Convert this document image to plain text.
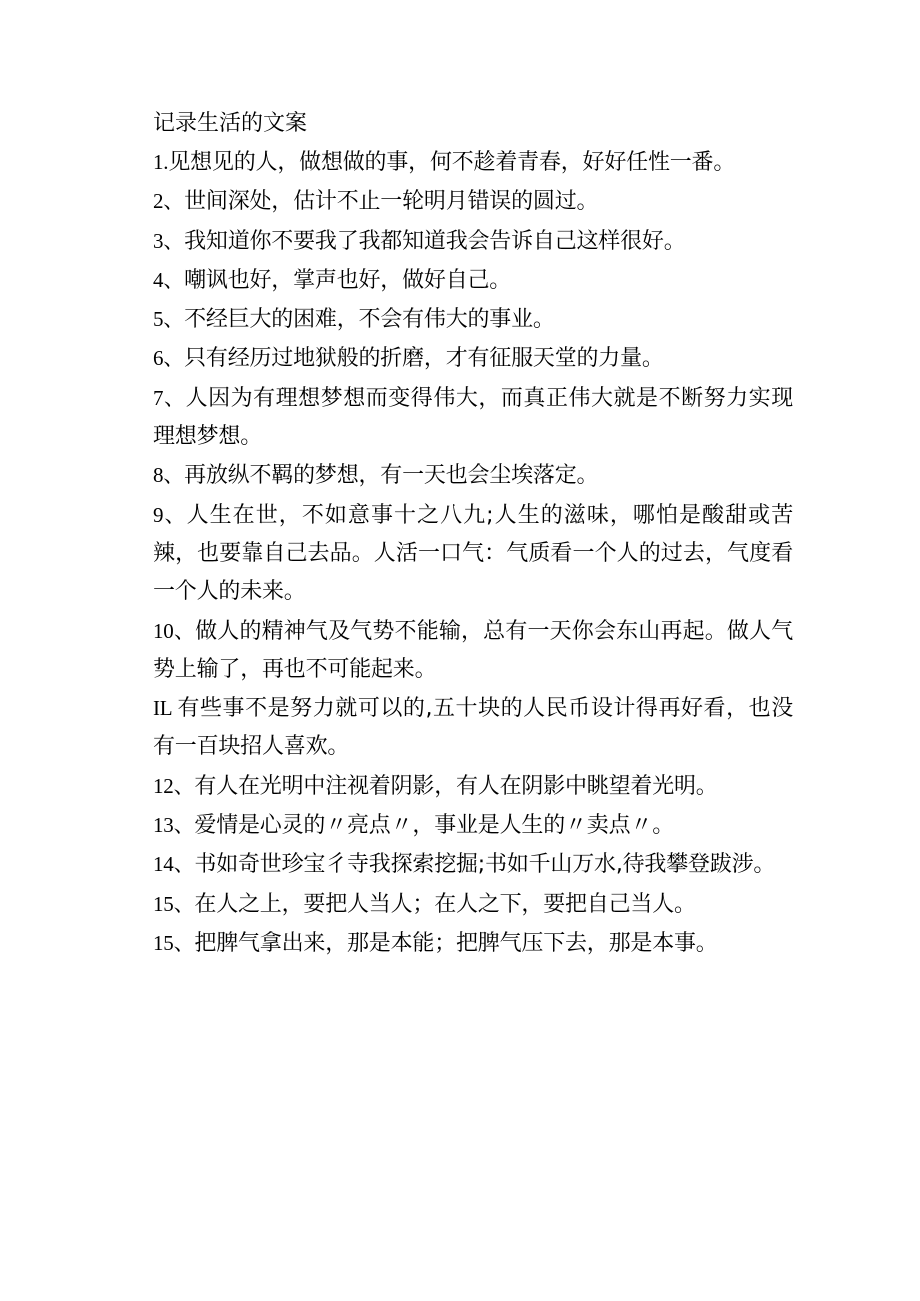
记录生活的文案
1.见想见的人，做想做的事，何不趁着青春，好好任性一番。
2、世间深处，估计不止一轮明月错误的圆过。
3、我知道你不要我了我都知道我会告诉自己这样很好。
4、嘲讽也好，掌声也好，做好自己。
5、不经巨大的困难，不会有伟大的事业。
6、只有经历过地狱般的折磨，才有征服天堂的力量。
7、人因为有理想梦想而变得伟大，而真正伟大就是不断努力实现理想梦想。
8、再放纵不羁的梦想，有一天也会尘埃落定。
9、人生在世，不如意事十之八九;人生的滋味，哪怕是酸甜或苦辣，也要靠自己去品。人活一口气：气质看一个人的过去，气度看一个人的未来。
10、做人的精神气及气势不能输，总有一天你会东山再起。做人气势上输了，再也不可能起来。
IL 有些事不是努力就可以的,五十块的人民币设计得再好看，也没有一百块招人喜欢。
12、有人在光明中注视着阴影，有人在阴影中眺望着光明。
13、爱情是心灵的〃亮点〃，事业是人生的〃卖点〃。
14、书如奇世珍宝彳寺我探索挖掘;书如千山万水,待我攀登跋涉。
15、在人之上，要把人当人；在人之下，要把自己当人。
15、把脾气拿出来，那是本能；把脾气压下去，那是本事。
